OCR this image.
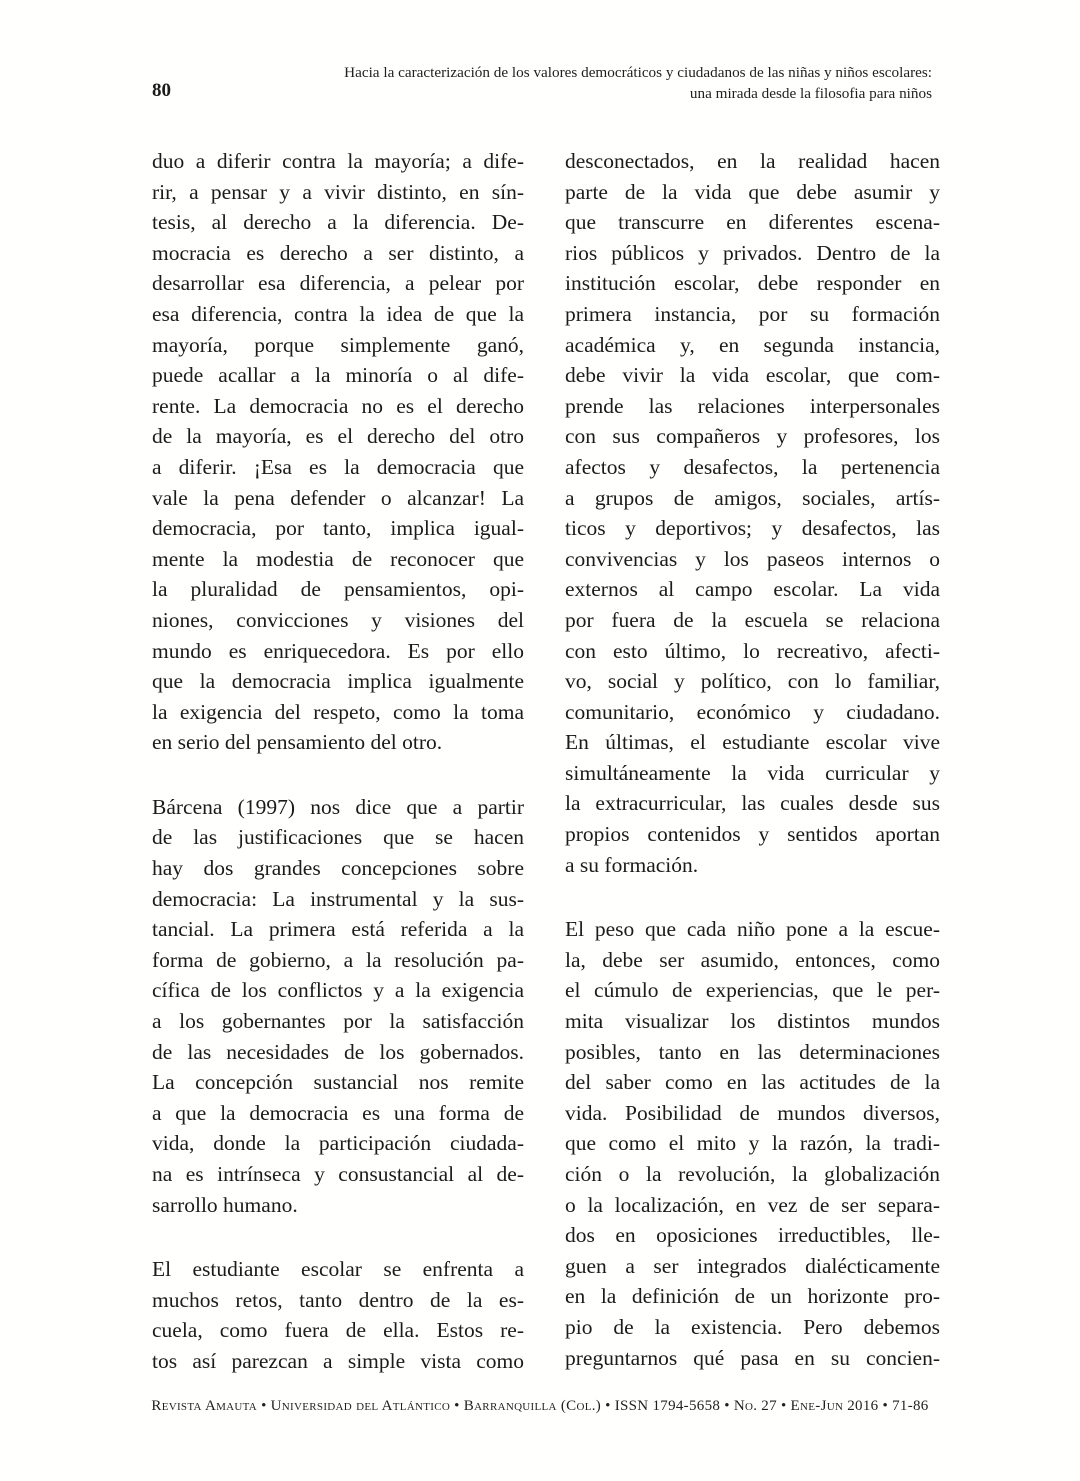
80
Hacia la caracterización de los valores democráticos y ciudadanos de las niñas y niños escolares:
una mirada desde la filosofia para niños
duo a diferir contra la mayoría; a dife-
rir, a pensar y a vivir distinto, en sín-
tesis, al derecho a la diferencia. De-
mocracia es derecho a ser distinto, a
desarrollar esa diferencia, a pelear por
esa diferencia, contra la idea de que la
mayoría, porque simplemente ganó,
puede acallar a la minoría o al dife-
rente. La democracia no es el derecho
de la mayoría, es el derecho del otro
a diferir. ¡Esa es la democracia que
vale la pena defender o alcanzar! La
democracia, por tanto, implica igual-
mente la modestia de reconocer que
la pluralidad de pensamientos, opi-
niones, convicciones y visiones del
mundo es enriquecedora. Es por ello
que la democracia implica igualmente
la exigencia del respeto, como la toma
en serio del pensamiento del otro.
Bárcena (1997) nos dice que a partir
de las justificaciones que se hacen
hay dos grandes concepciones sobre
democracia: La instrumental y la sus-
tancial. La primera está referida a la
forma de gobierno, a la resolución pa-
cífica de los conflictos y a la exigencia
a los gobernantes por la satisfacción
de las necesidades de los gobernados.
La concepción sustancial nos remite
a que la democracia es una forma de
vida, donde la participación ciudada-
na es intrínseca y consustancial al de-
sarrollo humano.
El estudiante escolar se enfrenta a
muchos retos, tanto dentro de la es-
cuela, como fuera de ella. Estos re-
tos así parezcan a simple vista como
desconectados, en la realidad hacen
parte de la vida que debe asumir y
que transcurre en diferentes escena-
rios públicos y privados. Dentro de la
institución escolar, debe responder en
primera instancia, por su formación
académica y, en segunda instancia,
debe vivir la vida escolar, que com-
prende las relaciones interpersonales
con sus compañeros y profesores, los
afectos y desafectos, la pertenencia
a grupos de amigos, sociales, artís-
ticos y deportivos; y desafectos, las
convivencias y los paseos internos o
externos al campo escolar. La vida
por fuera de la escuela se relaciona
con esto último, lo recreativo, afecti-
vo, social y político, con lo familiar,
comunitario, económico y ciudadano.
En últimas, el estudiante escolar vive
simultáneamente la vida curricular y
la extracurricular, las cuales desde sus
propios contenidos y sentidos aportan
a su formación.
El peso que cada niño pone a la escue-
la, debe ser asumido, entonces, como
el cúmulo de experiencias, que le per-
mita visualizar los distintos mundos
posibles, tanto en las determinaciones
del saber como en las actitudes de la
vida. Posibilidad de mundos diversos,
que como el mito y la razón, la tradi-
ción o la revolución, la globalización
o la localización, en vez de ser separa-
dos en oposiciones irreductibles, lle-
guen a ser integrados dialécticamente
en la definición de un horizonte pro-
pio de la existencia. Pero debemos
preguntarnos qué pasa en su concien-
Revista Amauta • Universidad del Atlántico • Barranquilla (Col.) • ISSN 1794-5658 • No. 27 • Ene-Jun 2016 • 71-86
